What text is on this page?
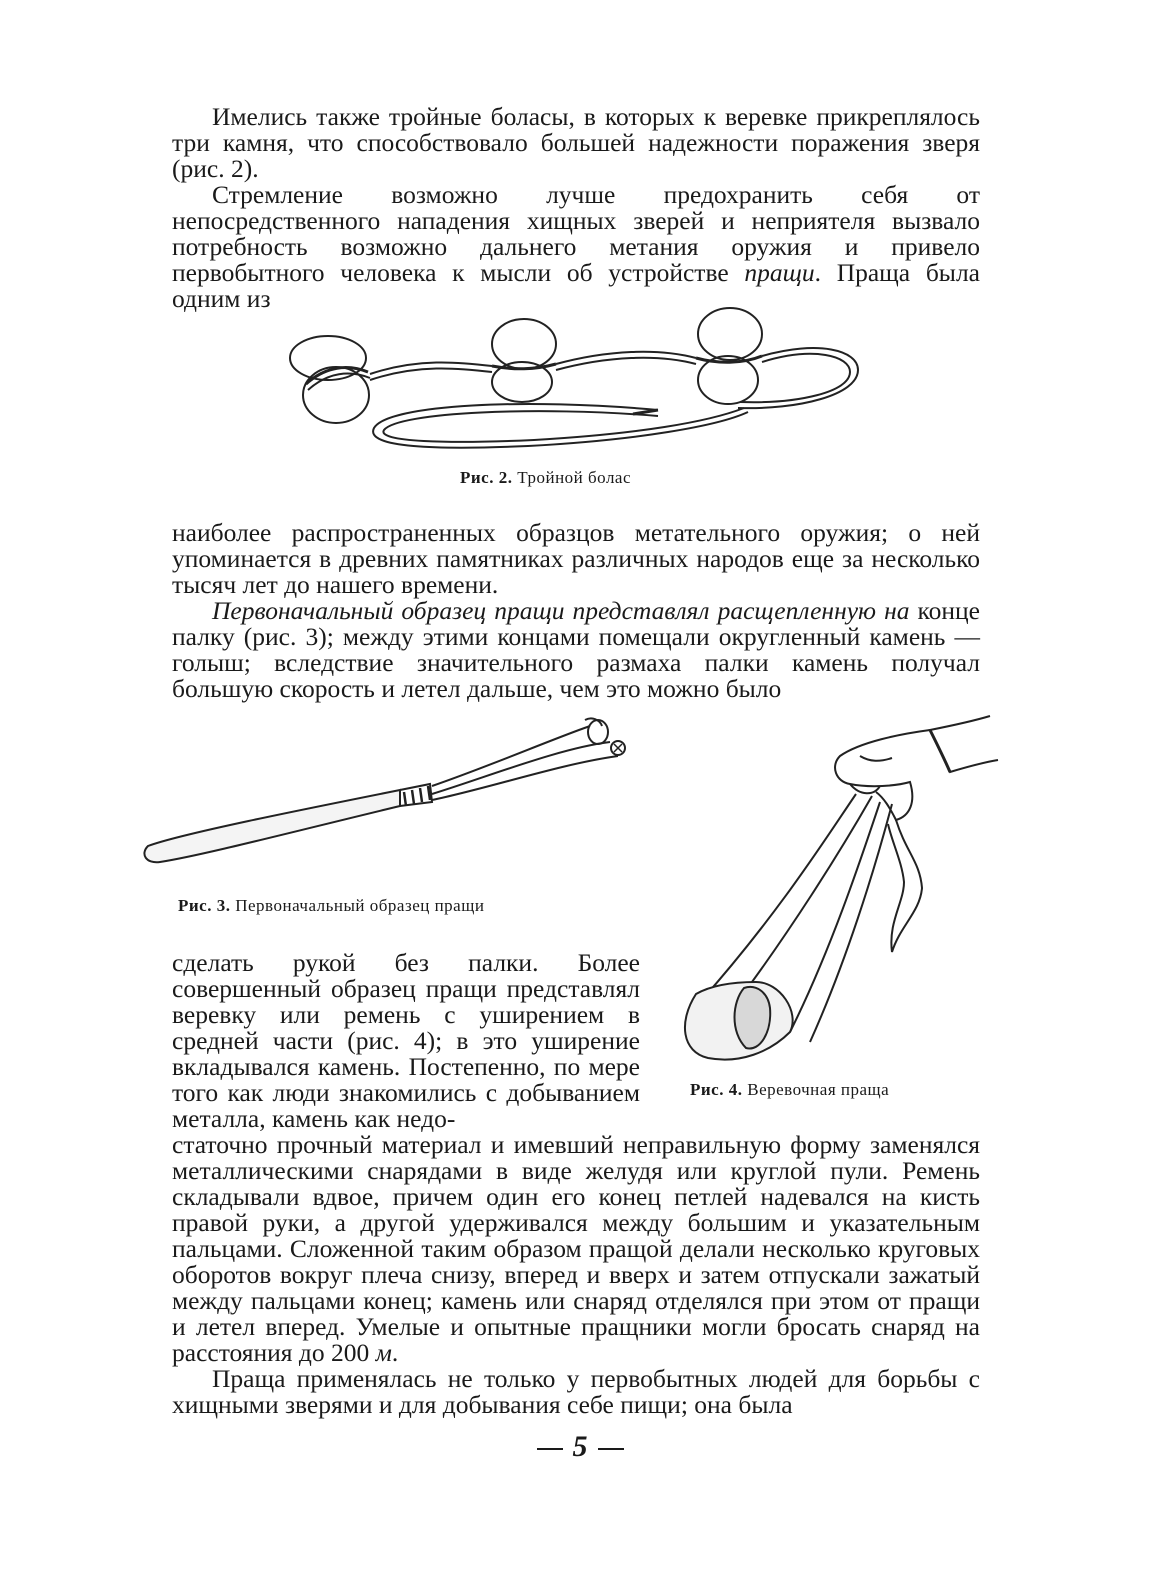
Имелись также тройные боласы, в которых к веревке прикреплялось три камня, что способствовало большей надежности поражения зверя (рис. 2).

Стремление возможно лучше предохранить себя от непосредственного нападения хищных зверей и неприятеля вызвало потребность возможно дальнего метания оружия и привело первобытного человека к мысли об устройстве пращи. Праща была одним из

Рис. 2. Тройной болас

наиболее распространенных образцов метательного оружия; о ней упоминается в древних памятниках различных народов еще за несколько тысяч лет до нашего времени.

Первоначальный образец пращи представлял расщепленную на конце палку (рис. 3); между этими концами помещали округленный камень — голыш; вследствие значительного размаха палки камень получал большую скорость и летел дальше, чем это можно было

Рис. 3. Первоначальный образец пращи
Рис. 4. Веревочная праща

сделать рукой без палки. Более совершенный образец пращи представлял веревку или ремень с уширением в средней части (рис. 4); в это уширение вкладывался камень. Постепенно, по мере того как люди знакомились с добыванием металла, камень как недо-

статочно прочный материал и имевший неправильную форму заменялся металлическими снарядами в виде желудя или круглой пули. Ремень складывали вдвое, причем один его конец петлей надевался на кисть правой руки, а другой удерживался между большим и указательным пальцами. Сложенной таким образом пращой делали несколько круговых оборотов вокруг плеча снизу, вперед и вверх и затем отпускали зажатый между пальцами конец; камень или снаряд отделялся при этом от пращи и летел вперед. Умелые и опытные пращники могли бросать снаряд на расстояния до 200 м.

Праща применялась не только у первобытных людей для борьбы с хищными зверями и для добывания себе пищи; она была

5
